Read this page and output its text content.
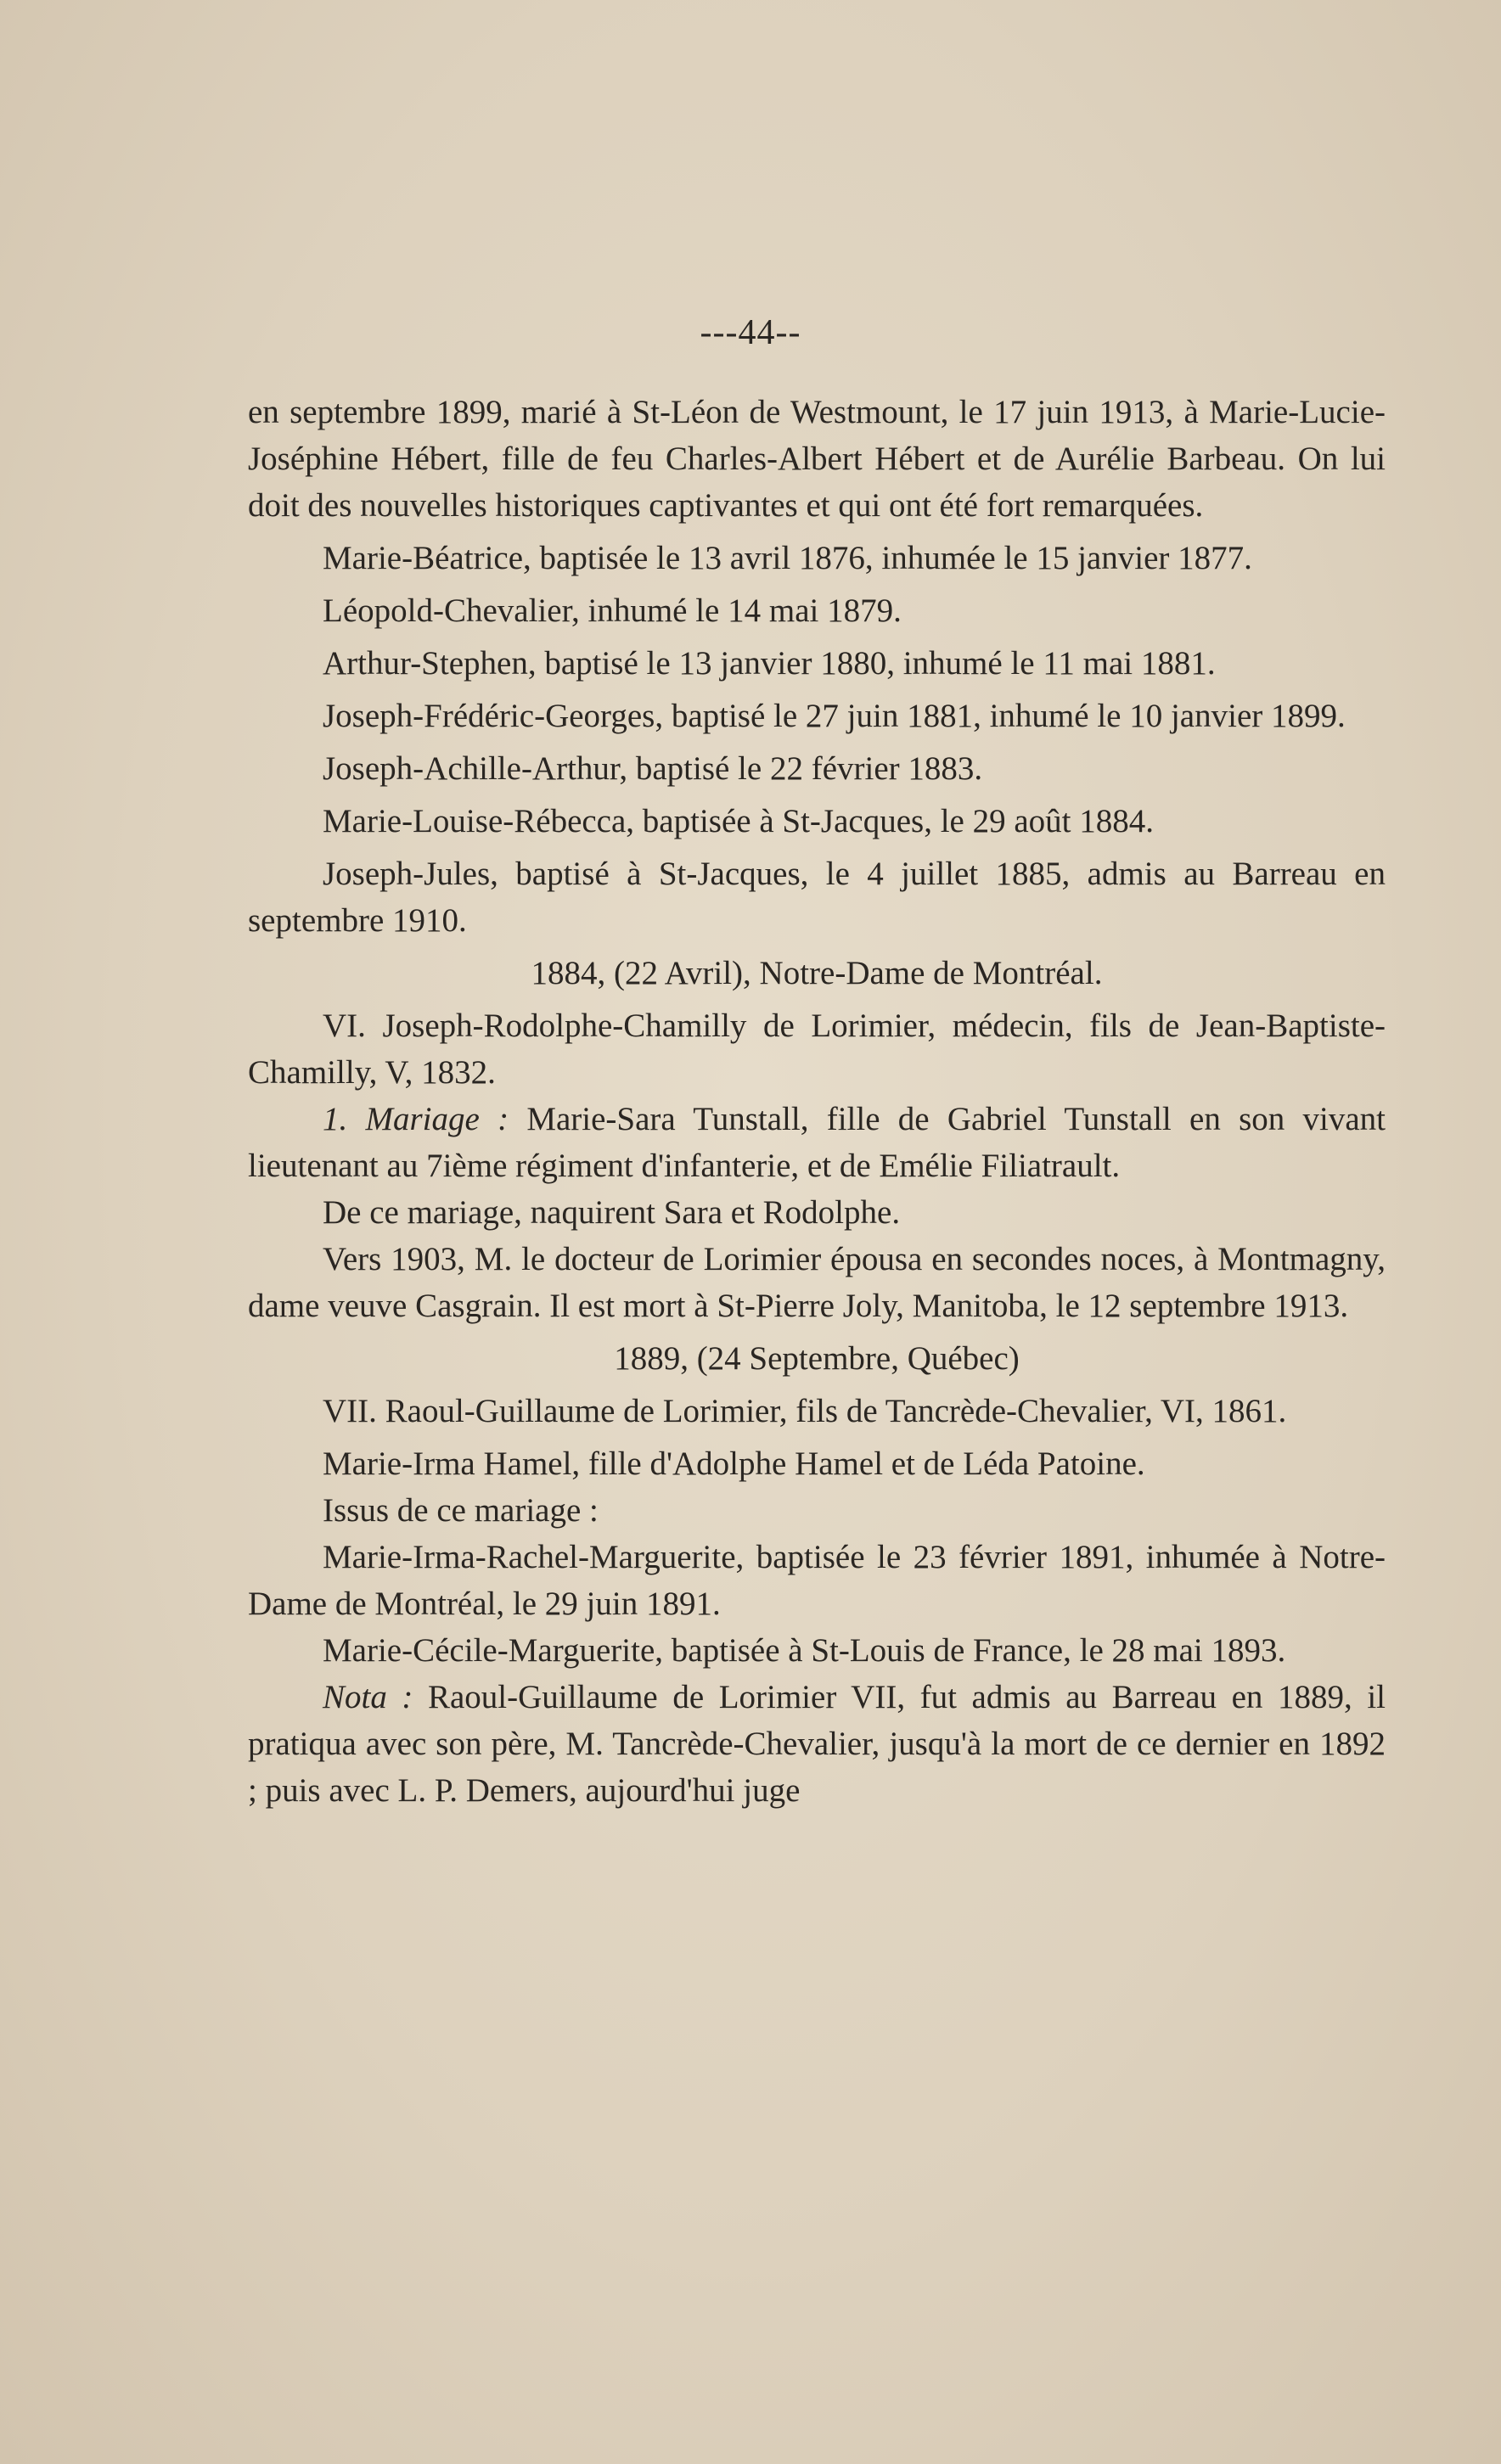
---44--

en septembre 1899, marié à St-Léon de Westmount, le 17 juin 1913, à Marie-Lucie-Joséphine Hébert, fille de feu Charles-Albert Hébert et de Aurélie Barbeau. On lui doit des nouvelles historiques captivantes et qui ont été fort remarquées.

Marie-Béatrice, baptisée le 13 avril 1876, inhumée le 15 janvier 1877.

Léopold-Chevalier, inhumé le 14 mai 1879.

Arthur-Stephen, baptisé le 13 janvier 1880, inhumé le 11 mai 1881.

Joseph-Frédéric-Georges, baptisé le 27 juin 1881, inhumé le 10 janvier 1899.

Joseph-Achille-Arthur, baptisé le 22 février 1883.

Marie-Louise-Rébecca, baptisée à St-Jacques, le 29 août 1884.

Joseph-Jules, baptisé à St-Jacques, le 4 juillet 1885, admis au Barreau en septembre 1910.

1884, (22 Avril), Notre-Dame de Montréal.

VI. Joseph-Rodolphe-Chamilly de Lorimier, médecin, fils de Jean-Baptiste-Chamilly, V, 1832.

1. Mariage : Marie-Sara Tunstall, fille de Gabriel Tunstall en son vivant lieutenant au 7ième régiment d'infanterie, et de Emélie Filiatrault.

De ce mariage, naquirent Sara et Rodolphe.

Vers 1903, M. le docteur de Lorimier épousa en secondes noces, à Montmagny, dame veuve Casgrain. Il est mort à St-Pierre Joly, Manitoba, le 12 septembre 1913.

1889, (24 Septembre, Québec)

VII. Raoul-Guillaume de Lorimier, fils de Tancrède-Chevalier, VI, 1861.

Marie-Irma Hamel, fille d'Adolphe Hamel et de Léda Patoine.

Issus de ce mariage :

Marie-Irma-Rachel-Marguerite, baptisée le 23 février 1891, inhumée à Notre-Dame de Montréal, le 29 juin 1891.

Marie-Cécile-Marguerite, baptisée à St-Louis de France, le 28 mai 1893.

Nota : Raoul-Guillaume de Lorimier VII, fut admis au Barreau en 1889, il pratiqua avec son père, M. Tancrède-Chevalier, jusqu'à la mort de ce dernier en 1892 ; puis avec L. P. Demers, aujourd'hui juge
